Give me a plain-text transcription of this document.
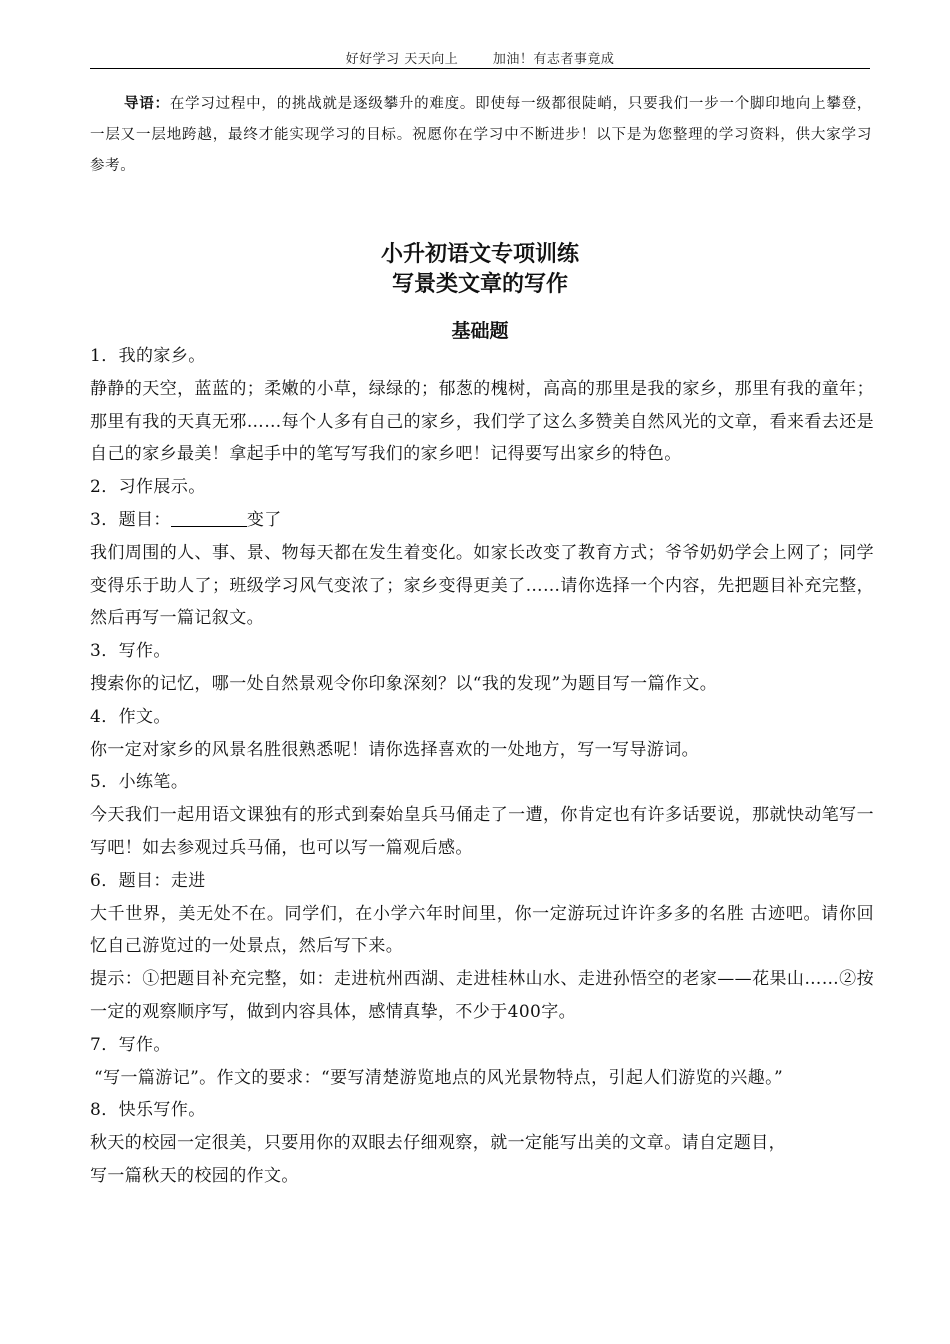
好好学习 天天向上	加油！有志者事竟成
导语：在学习过程中，的挑战就是逐级攀升的难度。即使每一级都很陡峭，只要我们一步一个脚印地向上攀登，一层又一层地跨越，最终才能实现学习的目标。祝愿你在学习中不断进步！以下是为您整理的学习资料，供大家学习参考。
小升初语文专项训练
写景类文章的写作
基础题

1．我的家乡。

静静的天空，蓝蓝的；柔嫩的小草，绿绿的；郁葱的槐树，高高的那里是我的家乡，那里有我的童年；那里有我的天真无邪……每个人多有自己的家乡，我们学了这么多赞美自然风光的文章，看来看去还是自己的家乡最美！拿起手中的笔写写我们的家乡吧！记得要写出家乡的特色。

2．习作展示。

3．题目：	变了

我们周围的人、事、景、物每天都在发生着变化。如家长改变了教育方式；爷爷奶奶学会上网了；同学变得乐于助人了；班级学习风气变浓了；家乡变得更美了……请你选择一个内容，先把题目补充完整，然后再写一篇记叙文。

3．写作。

搜索你的记忆，哪一处自然景观令你印象深刻？以“我的发现”为题目写一篇作文。

4．作文。

你一定对家乡的风景名胜很熟悉呢！请你选择喜欢的一处地方，写一写导游词。

5．小练笔。

今天我们一起用语文课独有的形式到秦始皇兵马俑走了一遭，你肯定也有许多话要说，那就快动笔写一写吧！如去参观过兵马俑，也可以写一篇观后感。

6．题目：走进

大千世界，美无处不在。同学们，在小学六年时间里，你一定游玩过许许多多的名胜 古迹吧。请你回忆自己游览过的一处景点，然后写下来。

提示：①把题目补充完整，如：走进杭州西湖、走进桂林山水、走进孙悟空的老家——花果山……②按一定的观察顺序写，做到内容具体，感情真挚，不少于400字。

7．写作。

“写一篇游记”。作文的要求：“要写清楚游览地点的风光景物特点，引起人们游览的兴趣。”

8．快乐写作。

秋天的校园一定很美，只要用你的双眼去仔细观察，就一定能写出美的文章。请自定题目，

写一篇秋天的校园的作文。
